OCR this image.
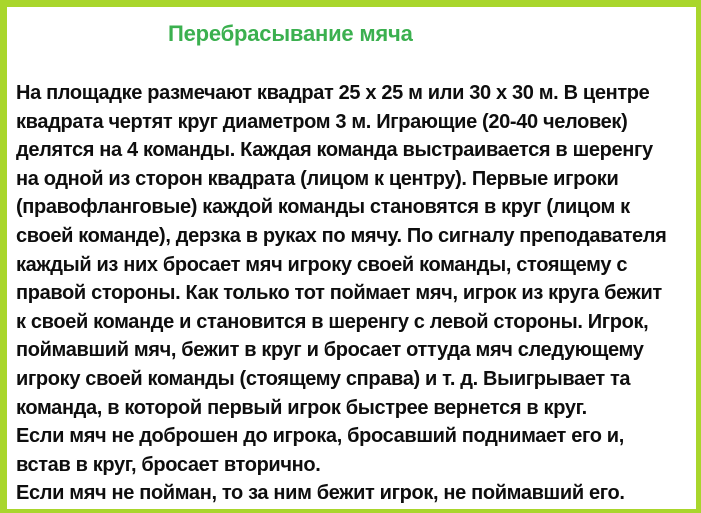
Перебрасывание мяча
На площадке размечают квадрат 25 х 25 м или 30 х 30 м. В центре
квадрата чертят круг диаметром 3 м. Играющие (20-40 человек)
делятся на 4 команды. Каждая команда выстраивается в шеренгу
на одной из сторон квадрата (лицом к центру). Первые игроки
(правофланговые) каждой команды становятся в круг (лицом к
своей команде), дерзка в руках по мячу. По сигналу преподавателя
каждый из них бросает мяч игроку своей команды, стоящему с
правой стороны. Как только тот поймает мяч, игрок из круга бежит
к своей команде и становится в шеренгу с левой стороны. Игрок,
поймавший мяч, бежит в круг и бросает оттуда мяч следующему
игроку своей команды (стоящему справа) и т. д. Выигрывает та
команда, в которой первый игрок быстрее вернется в круг.
Если мяч не доброшен до игрока, бросавший поднимает его и,
встав в круг, бросает вторично.
Если мяч не пойман, то за ним бежит игрок, не поймавший его.
